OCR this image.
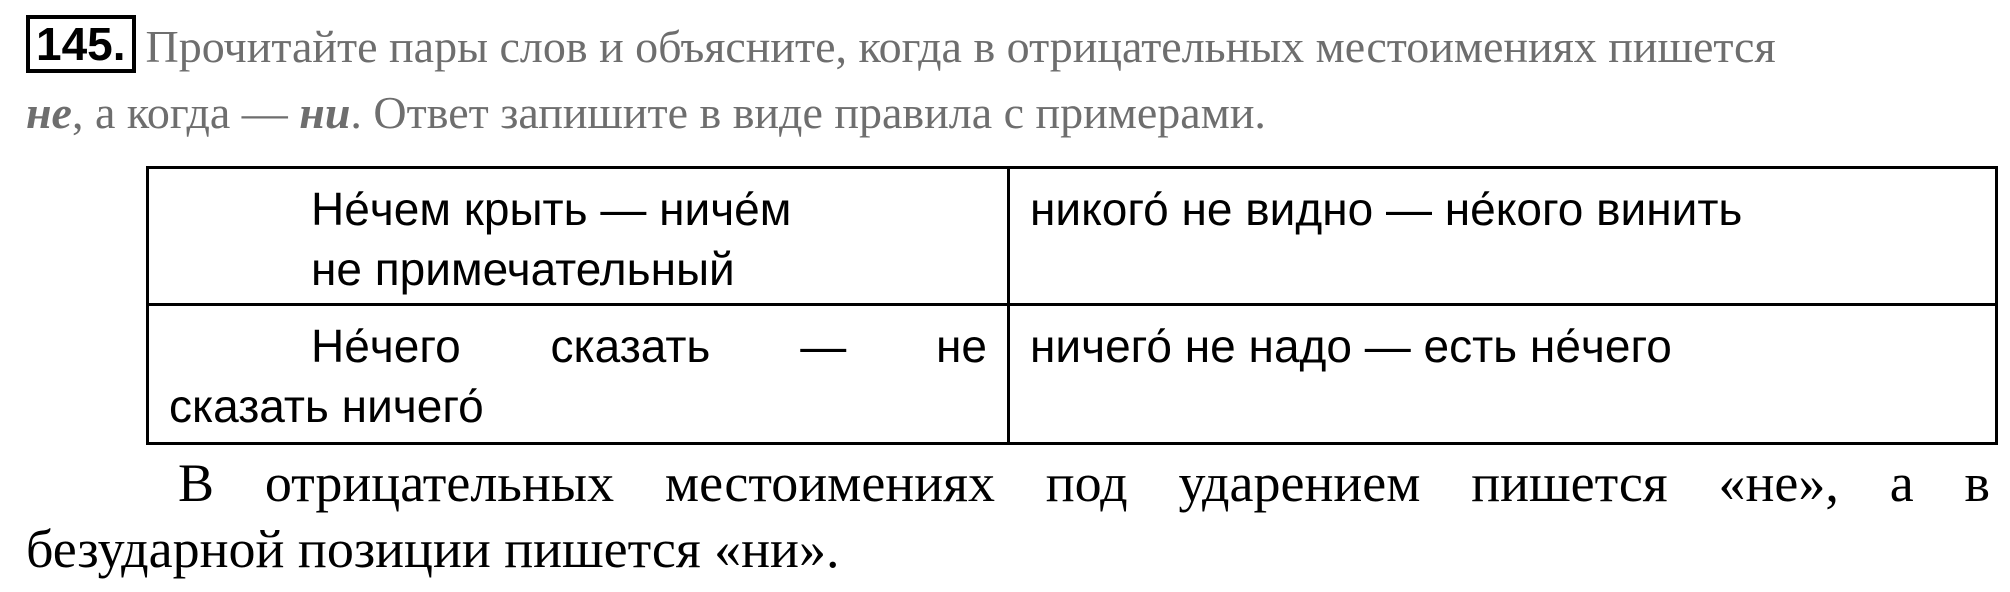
145. Прочитайте пары слов и объясните, когда в отрицательных местоимениях пишется
не, а когда — ни. Ответ запишите в виде правила с примерами.
Не́чем крыть — ниче́м
не примечательный	никого́ не видно — не́кого винить

Не́чего сказать — не
сказать ничего́	ничего́ не надо — есть не́чего
В отрицательных местоимениях под ударением пишется «не», а в
безударной позиции пишется «ни».
